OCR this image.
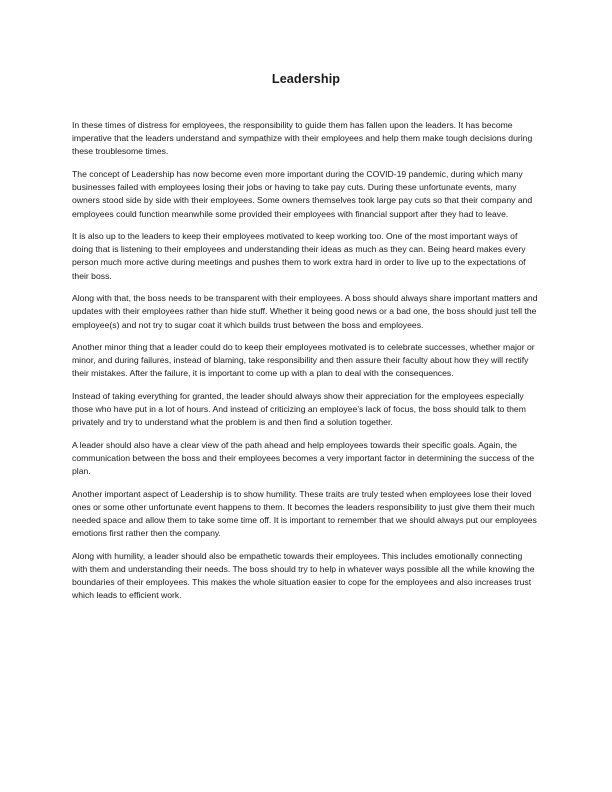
Leadership

In these times of distress for employees, the responsibility to guide them has fallen upon the leaders. It has become imperative that the leaders understand and sympathize with their employees and help them make tough decisions during these troublesome times.

The concept of Leadership has now become even more important during the COVID-19 pandemic, during which many businesses failed with employees losing their jobs or having to take pay cuts. During these unfortunate events, many owners stood side by side with their employees. Some owners themselves took large pay cuts so that their company and employees could function meanwhile some provided their employees with financial support after they had to leave.

It is also up to the leaders to keep their employees motivated to keep working too. One of the most important ways of doing that is listening to their employees and understanding their ideas as much as they can. Being heard makes every person much more active during meetings and pushes them to work extra hard in order to live up to the expectations of their boss.

Along with that, the boss needs to be transparent with their employees. A boss should always share important matters and updates with their employees rather than hide stuff. Whether it being good news or a bad one, the boss should just tell the employee(s) and not try to sugar coat it which builds trust between the boss and employees.

Another minor thing that a leader could do to keep their employees motivated is to celebrate successes, whether major or minor, and during failures, instead of blaming, take responsibility and then assure their faculty about how they will rectify their mistakes. After the failure, it is important to come up with a plan to deal with the consequences.

Instead of taking everything for granted, the leader should always show their appreciation for the employees especially those who have put in a lot of hours. And instead of criticizing an employee’s lack of focus, the boss should talk to them privately and try to understand what the problem is and then find a solution together.

A leader should also have a clear view of the path ahead and help employees towards their specific goals. Again, the communication between the boss and their employees becomes a very important factor in determining the success of the plan.

Another important aspect of Leadership is to show humility. These traits are truly tested when employees lose their loved ones or some other unfortunate event happens to them. It becomes the leaders responsibility to just give them their much needed space and allow them to take some time off. It is important to remember that we should always put our employees emotions first rather then the company.

Along with humility, a leader should also be empathetic towards their employees. This includes emotionally connecting with them and understanding their needs. The boss should try to help in whatever ways possible all the while knowing the boundaries of their employees. This makes the whole situation easier to cope for the employees and also increases trust which leads to efficient work.
